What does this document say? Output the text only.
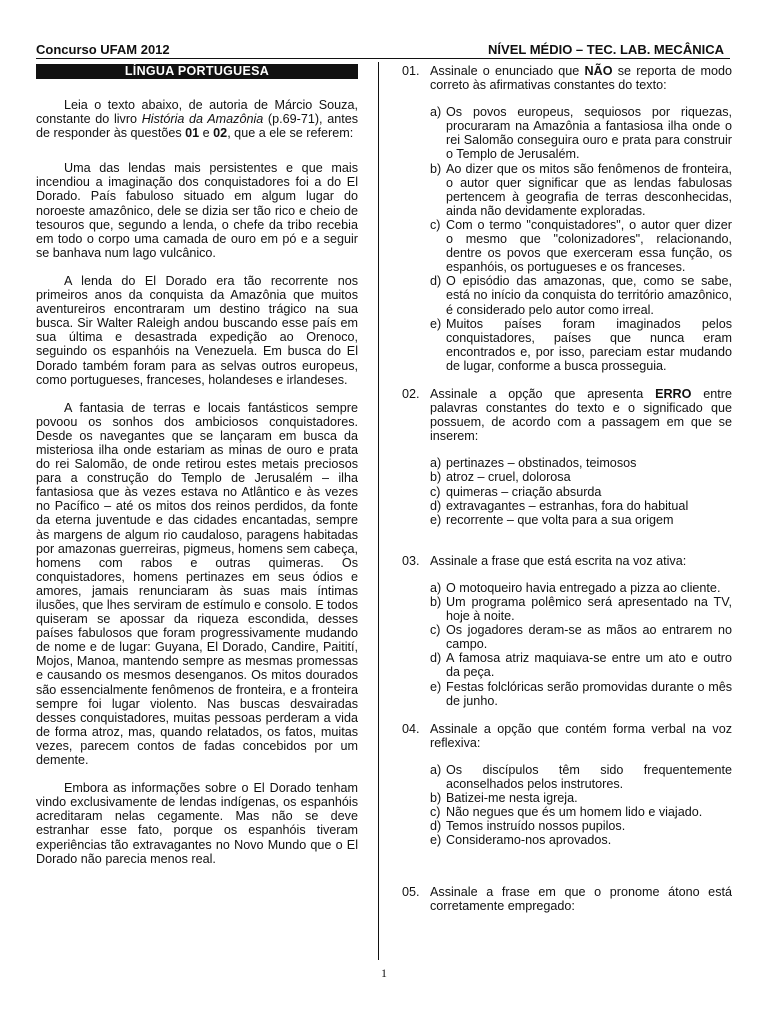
Concurso UFAM 2012	NÍVEL MÉDIO – TEC. LAB. MECÂNICA
LÍNGUA PORTUGUESA

Leia o texto abaixo, de autoria de Márcio Souza, constante do livro História da Amazônia (p.69-71), antes de responder às questões 01 e 02, que a ele se referem:

Uma das lendas mais persistentes e que mais incendiou a imaginação dos conquistadores foi a do El Dorado. País fabuloso situado em algum lugar do noroeste amazônico, dele se dizia ser tão rico e cheio de tesouros que, segundo a lenda, o chefe da tribo recebia em todo o corpo uma camada de ouro em pó e a seguir se banhava num lago vulcânico.

A lenda do El Dorado era tão recorrente nos primeiros anos da conquista da Amazônia que muitos aventureiros encontraram um destino trágico na sua busca. Sir Walter Raleigh andou buscando esse país em sua última e desastrada expedição ao Orenoco, seguindo os espanhóis na Venezuela. Em busca do El Dorado também foram para as selvas outros europeus, como portugueses, franceses, holandeses e irlandeses.

A fantasia de terras e locais fantásticos sempre povoou os sonhos dos ambiciosos conquistadores. Desde os navegantes que se lançaram em busca da misteriosa ilha onde estariam as minas de ouro e prata do rei Salomão, de onde retirou estes metais preciosos para a construção do Templo de Jerusalém – ilha fantasiosa que às vezes estava no Atlântico e às vezes no Pacífico – até os mitos dos reinos perdidos, da fonte da eterna juventude e das cidades encantadas, sempre às margens de algum rio caudaloso, paragens habitadas por amazonas guerreiras, pigmeus, homens sem cabeça, homens com rabos e outras quimeras. Os conquistadores, homens pertinazes em seus ódios e amores, jamais renunciaram às suas mais íntimas ilusões, que lhes serviram de estímulo e consolo. E todos quiseram se apossar da riqueza escondida, desses países fabulosos que foram progressivamente mudando de nome e de lugar: Guyana, El Dorado, Candire, Paitití, Mojos, Manoa, mantendo sempre as mesmas promessas e causando os mesmos desenganos. Os mitos dourados são essencialmente fenômenos de fronteira, e a fronteira sempre foi lugar violento. Nas buscas desvairadas desses conquistadores, muitas pessoas perderam a vida de forma atroz, mas, quando relatados, os fatos, muitas vezes, parecem contos de fadas concebidos por um demente.

Embora as informações sobre o El Dorado tenham vindo exclusivamente de lendas indígenas, os espanhóis acreditaram nelas cegamente. Mas não se deve estranhar esse fato, porque os espanhóis tiveram experiências tão extravagantes no Novo Mundo que o El Dorado não parecia menos real.

01. Assinale o enunciado que NÃO se reporta de modo correto às afirmativas constantes do texto:
a) Os povos europeus, sequiosos por riquezas, procuraram na Amazônia a fantasiosa ilha onde o rei Salomão conseguira ouro e prata para construir o Templo de Jerusalém.
b) Ao dizer que os mitos são fenômenos de fronteira, o autor quer significar que as lendas fabulosas pertencem à geografia de terras desconhecidas, ainda não devidamente exploradas.
c) Com o termo "conquistadores", o autor quer dizer o mesmo que "colonizadores", relacionando, dentre os povos que exerceram essa função, os espanhóis, os portugueses e os franceses.
d) O episódio das amazonas, que, como se sabe, está no início da conquista do território amazônico, é considerado pelo autor como irreal.
e) Muitos países foram imaginados pelos conquistadores, países que nunca eram encontrados e, por isso, pareciam estar mudando de lugar, conforme a busca prosseguia.
02. Assinale a opção que apresenta ERRO entre palavras constantes do texto e o significado que possuem, de acordo com a passagem em que se inserem:
a) pertinazes – obstinados, teimosos
b) atroz – cruel, dolorosa
c) quimeras – criação absurda
d) extravagantes – estranhas, fora do habitual
e) recorrente – que volta para a sua origem
03. Assinale a frase que está escrita na voz ativa:
a) O motoqueiro havia entregado a pizza ao cliente.
b) Um programa polêmico será apresentado na TV, hoje à noite.
c) Os jogadores deram-se as mãos ao entrarem no campo.
d) A famosa atriz maquiava-se entre um ato e outro da peça.
e) Festas folclóricas serão promovidas durante o mês de junho.
04. Assinale a opção que contém forma verbal na voz reflexiva:
a) Os discípulos têm sido frequentemente aconselhados pelos instrutores.
b) Batizei-me nesta igreja.
c) Não negues que és um homem lido e viajado.
d) Temos instruído nossos pupilos.
e) Consideramo-nos aprovados.
05. Assinale a frase em que o pronome átono está corretamente empregado:
1
